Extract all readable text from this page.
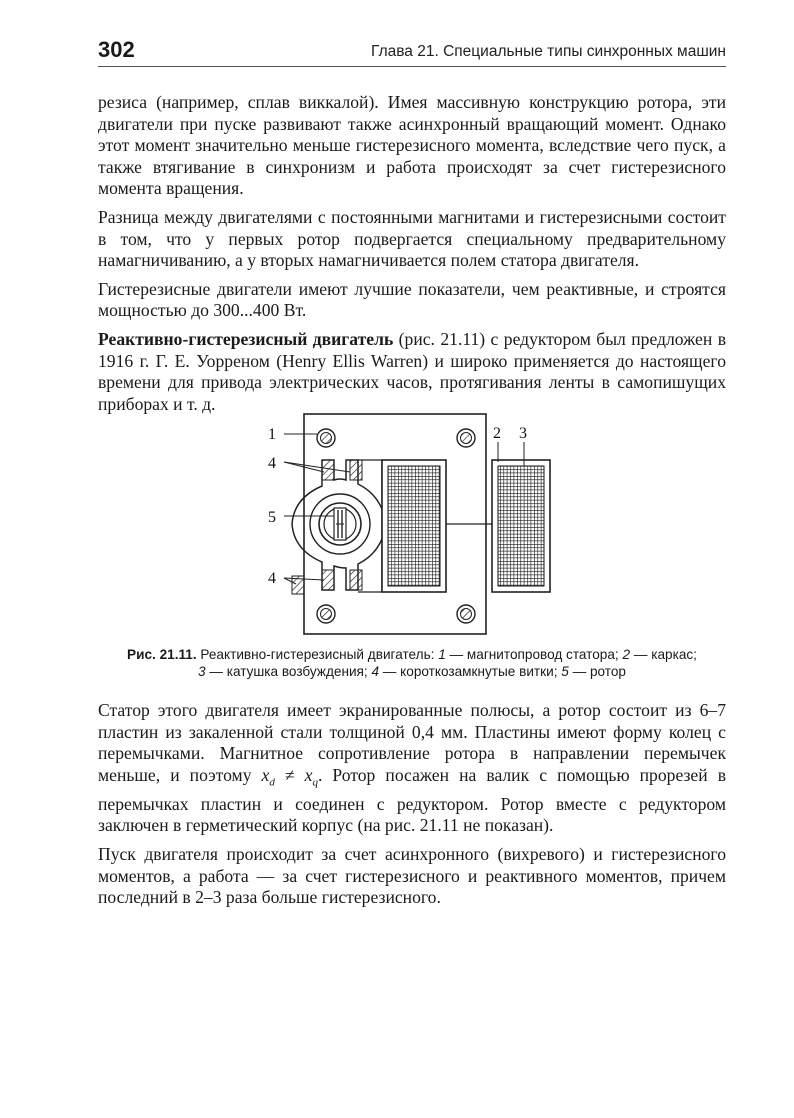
302	Глава 21. Специальные типы синхронных машин

резиса (например, сплав виккалой). Имея массивную конструкцию ротора, эти двигатели при пуске развивают также асинхронный вращающий момент. Однако этот момент значительно меньше гистерезисного момента, вследствие чего пуск, а также втягивание в синхронизм и работа происходят за счет гистерезисного момента вращения.

Разница между двигателями с постоянными магнитами и гистерезисными состоит в том, что у первых ротор подвергается специальному предварительному намагничиванию, а у вторых намагничивается полем статора двигателя.

Гистерезисные двигатели имеют лучшие показатели, чем реактивные, и строятся мощностью до 300...400 Вт.

Реактивно-гистерезисный двигатель (рис. 21.11) с редуктором был предложен в 1916 г. Г. Е. Уорреном (Henry Ellis Warren) и широко применяется до настоящего времени для привода электрических часов, протягивания ленты в самопишущих приборах и т. д.

1
4
5
4
2 3
Рис. 21.11. Реактивно-гистерезисный двигатель: 1 — магнитопровод статора; 2 — каркас;
3 — катушка возбуждения; 4 — короткозамкнутые витки; 5 — ротор

Статор этого двигателя имеет экранированные полюсы, а ротор состоит из 6–7 пластин из закаленной стали толщиной 0,4 мм. Пластины имеют форму колец с перемычками. Магнитное сопротивление ротора в направлении перемычек меньше, и поэтому $x_d \ne x_q$. Ротор посажен на валик с помощью прорезей в перемычках пластин и соединен с редуктором. Ротор вместе с редуктором заключен в герметический корпус (на рис. 21.11 не показан).

Пуск двигателя происходит за счет асинхронного (вихревого) и гистерезисного моментов, а работа — за счет гистерезисного и реактивного моментов, причем последний в 2–3 раза больше гистерезисного.
